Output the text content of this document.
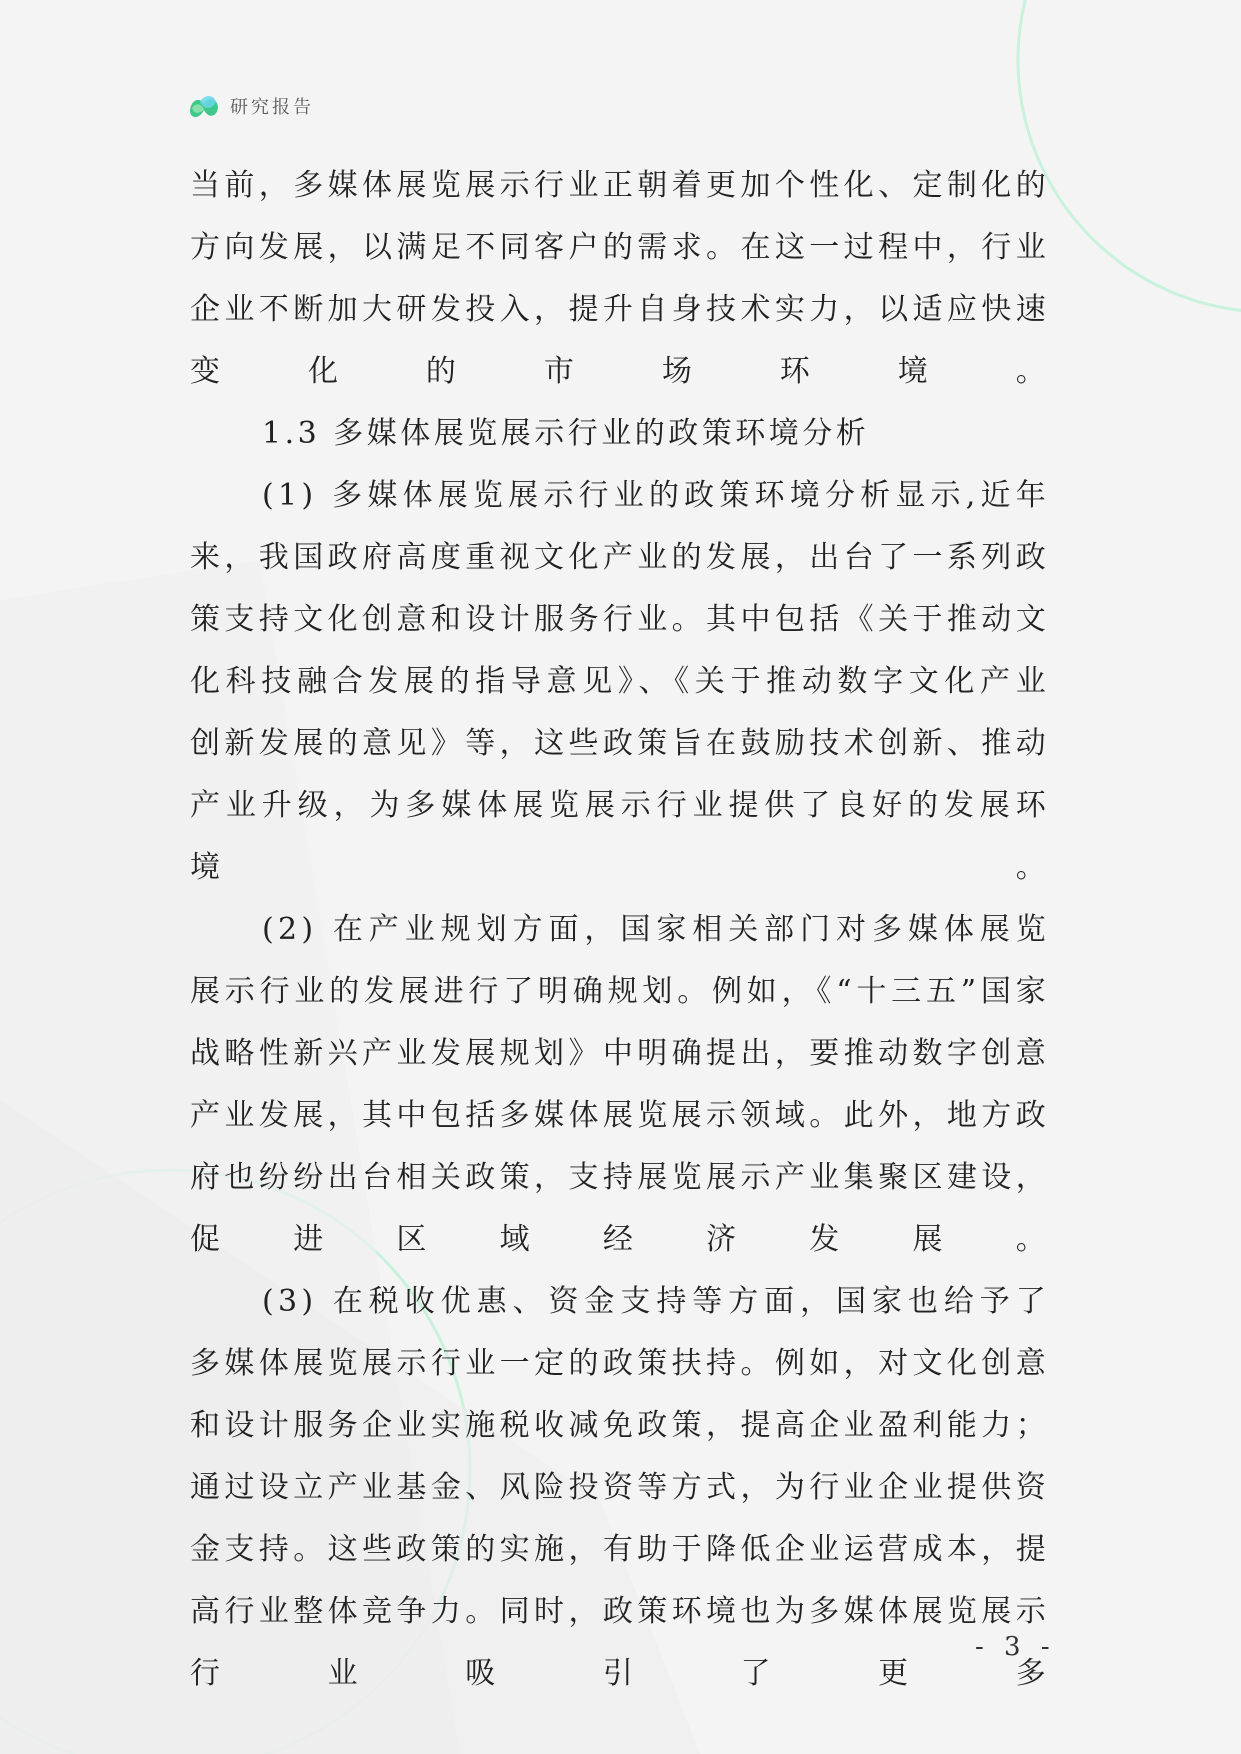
研究报告

当前，多媒体展览展示行业正朝着更加个性化、定制化的方向发展，以满足不同客户的需求。在这一过程中，行业企业不断加大研发投入，提升自身技术实力，以适应快速变化的市场环境。

1.3 多媒体展览展示行业的政策环境分析

(1) 多媒体展览展示行业的政策环境分析显示,近年来，我国政府高度重视文化产业的发展，出台了一系列政策支持文化创意和设计服务行业。其中包括《关于推动文化科技融合发展的指导意见》、《关于推动数字文化产业创新发展的意见》等，这些政策旨在鼓励技术创新、推动产业升级，为多媒体展览展示行业提供了良好的发展环境。

(2) 在产业规划方面，国家相关部门对多媒体展览展示行业的发展进行了明确规划。例如，《“十三五”国家战略性新兴产业发展规划》中明确提出，要推动数字创意产业发展，其中包括多媒体展览展示领域。此外，地方政府也纷纷出台相关政策，支持展览展示产业集聚区建设，促进区域经济发展。

(3) 在税收优惠、资金支持等方面，国家也给予了多媒体展览展示行业一定的政策扶持。例如，对文化创意和设计服务企业实施税收减免政策，提高企业盈利能力；通过设立产业基金、风险投资等方式，为行业企业提供资金支持。这些政策的实施，有助于降低企业运营成本，提高行业整体竞争力。同时，政策环境也为多媒体展览展示行业吸引了更多

- 3 -
